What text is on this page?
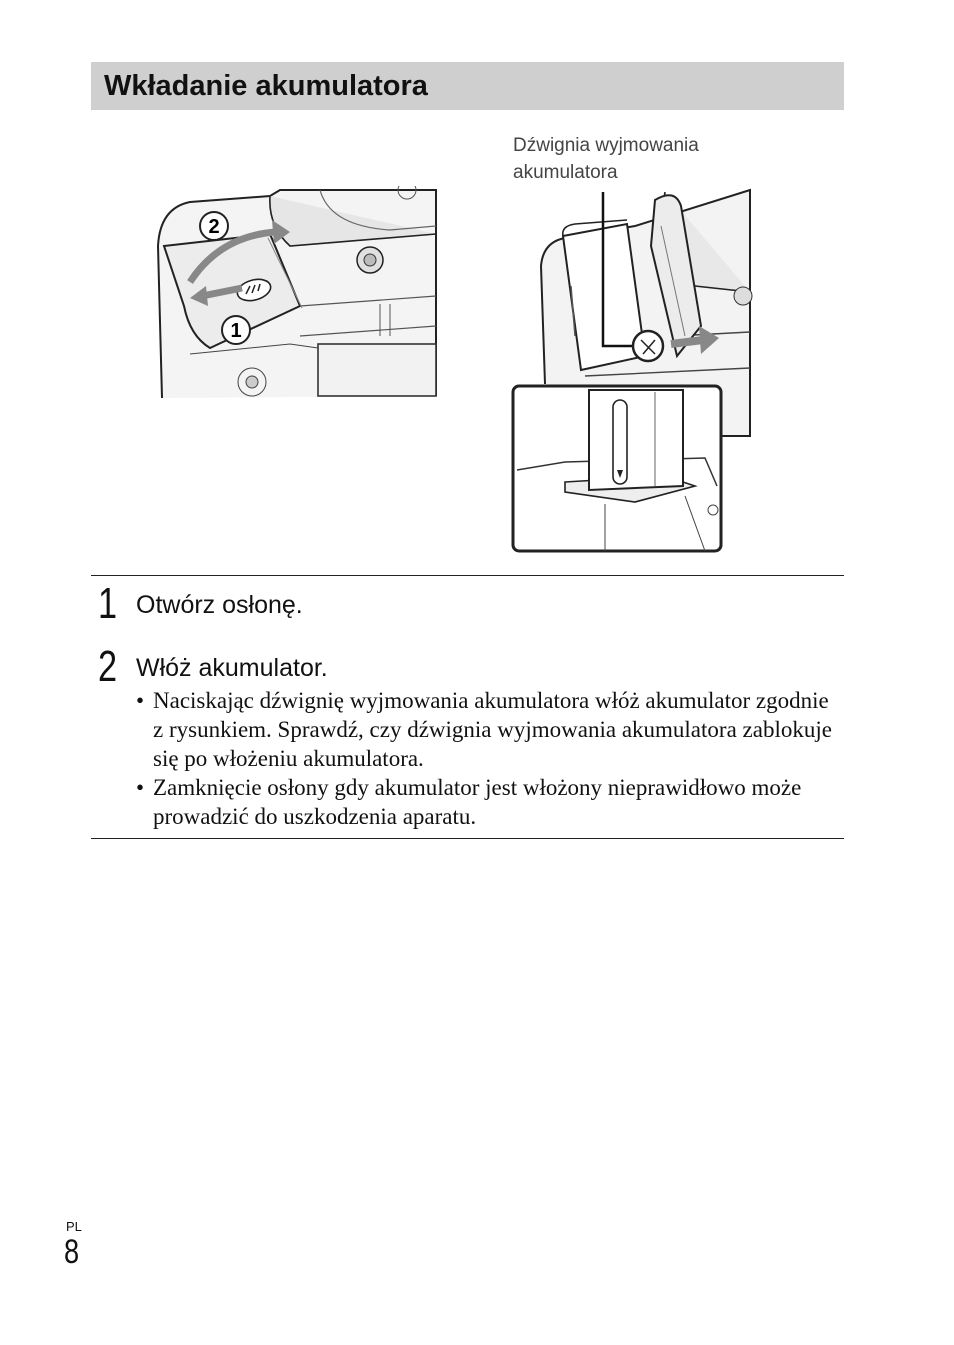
Wkładanie akumulatora
2
1
Dźwignia wyjmowania
akumulatora
1 Otwórz osłonę.
2 Włóż akumulator.
• Naciskając dźwignię wyjmowania akumulatora włóż akumulator zgodnie z rysunkiem. Sprawdź, czy dźwignia wyjmowania akumulatora zablokuje się po włożeniu akumulatora.
• Zamknięcie osłony gdy akumulator jest włożony nieprawidłowo może prowadzić do uszkodzenia aparatu.
PL
8
